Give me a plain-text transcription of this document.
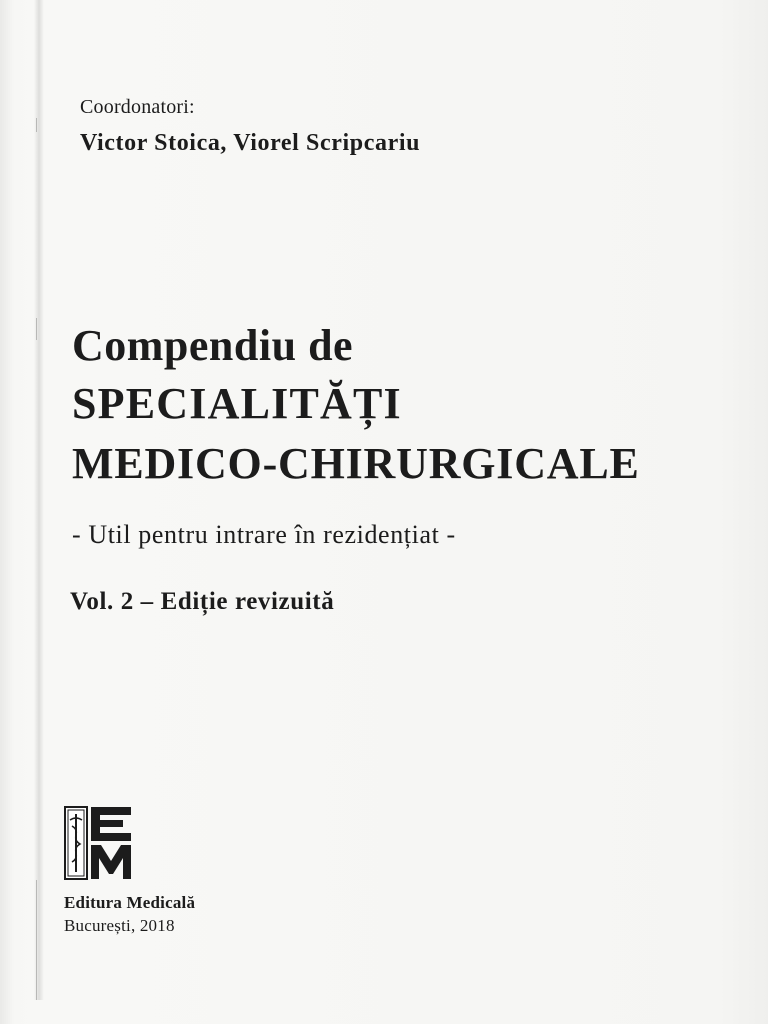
Coordonatori:
Victor Stoica, Viorel Scripcariu
Compendiu de
SPECIALITĂȚI
MEDICO-CHIRURGICALE
- Util pentru intrare în rezidențiat -
Vol. 2 – Ediție revizuită
Editura Medicală
București, 2018
